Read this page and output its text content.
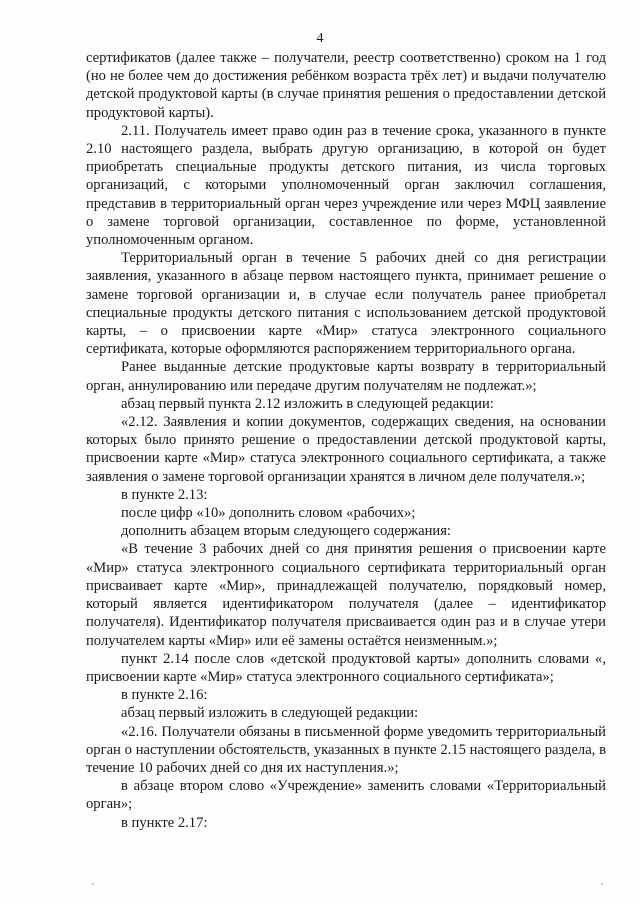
4

сертификатов (далее также – получатели, реестр соответственно) сроком на 1 год (но не более чем до достижения ребёнком возраста трёх лет) и выдачи получателю детской продуктовой карты (в случае принятия решения о предоставлении детской продуктовой карты).

2.11. Получатель имеет право один раз в течение срока, указанного в пункте 2.10 настоящего раздела, выбрать другую организацию, в которой он будет приобретать специальные продукты детского питания, из числа торговых организаций, с которыми уполномоченный орган заключил соглашения, представив в территориальный орган через учреждение или через МФЦ заявление о замене торговой организации, составленное по форме, установленной уполномоченным органом.

Территориальный орган в течение 5 рабочих дней со дня регистрации заявления, указанного в абзаце первом настоящего пункта, принимает решение о замене торговой организации и, в случае если получатель ранее приобретал специальные продукты детского питания с использованием детской продуктовой карты, – о присвоении карте «Мир» статуса электронного социального сертификата, которые оформляются распоряжением территориального органа.

Ранее выданные детские продуктовые карты возврату в территориальный орган, аннулированию или передаче другим получателям не подлежат.»;

абзац первый пункта 2.12 изложить в следующей редакции:

«2.12. Заявления и копии документов, содержащих сведения, на основании которых было принято решение о предоставлении детской продуктовой карты, присвоении карте «Мир» статуса электронного социального сертификата, а также заявления о замене торговой организации хранятся в личном деле получателя.»;

в пункте 2.13:

после цифр «10» дополнить словом «рабочих»;

дополнить абзацем вторым следующего содержания:

«В течение 3 рабочих дней со дня принятия решения о присвоении карте «Мир» статуса электронного социального сертификата территориальный орган присваивает карте «Мир», принадлежащей получателю, порядковый номер, который является идентификатором получателя (далее – идентификатор получателя). Идентификатор получателя присваивается один раз и в случае утери получателем карты «Мир» или её замены остаётся неизменным.»;

пункт 2.14 после слов «детской продуктовой карты» дополнить словами «, присвоении карте «Мир» статуса электронного социального сертификата»;

в пункте 2.16:

абзац первый изложить в следующей редакции:

«2.16. Получатели обязаны в письменной форме уведомить территориальный орган о наступлении обстоятельств, указанных в пункте 2.15 настоящего раздела, в течение 10 рабочих дней со дня их наступления.»;

в абзаце втором слово «Учреждение» заменить словами «Территориальный орган»;

в пункте 2.17:
